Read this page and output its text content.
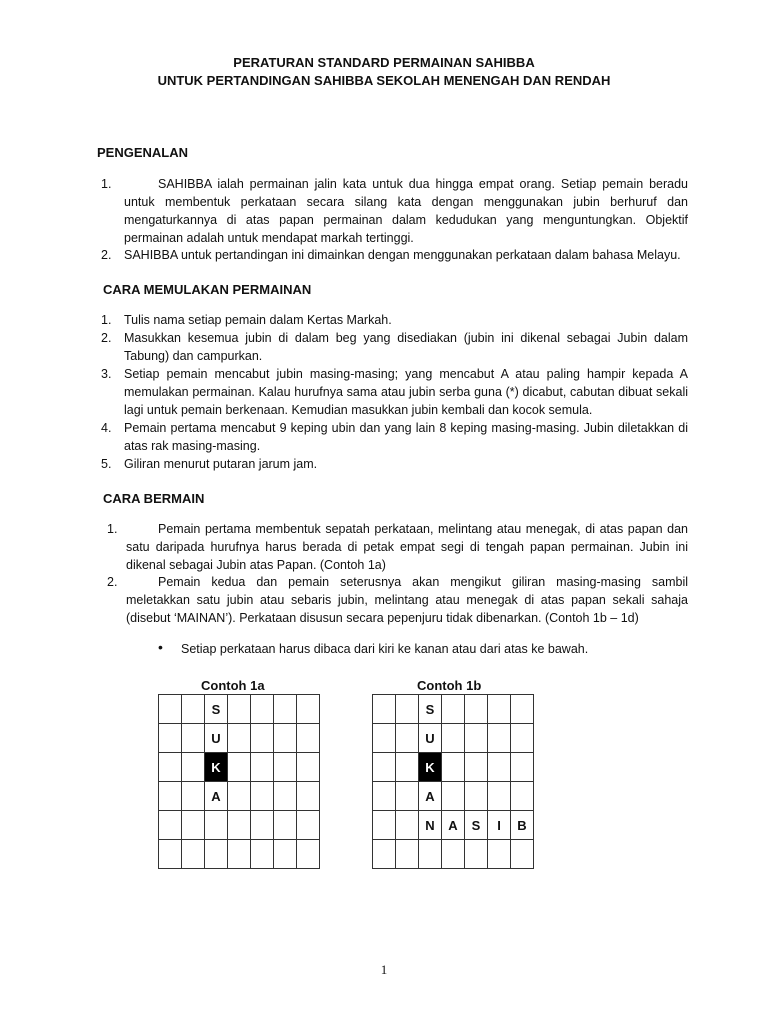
PERATURAN STANDARD PERMAINAN SAHIBBA
UNTUK PERTANDINGAN SAHIBBA SEKOLAH MENENGAH DAN RENDAH
PENGENALAN
1.	SAHIBBA ialah permainan jalin kata untuk dua hingga empat orang. Setiap pemain beradu untuk membentuk perkataan secara silang kata dengan menggunakan jubin berhuruf dan mengaturkannya di atas papan permainan dalam kedudukan yang menguntungkan. Objektif permainan adalah untuk mendapat markah tertinggi.
2. SAHIBBA untuk pertandingan ini dimainkan dengan menggunakan perkataan dalam bahasa Melayu.
CARA MEMULAKAN PERMAINAN
1. Tulis nama setiap pemain dalam Kertas Markah.
2. Masukkan kesemua jubin di dalam beg yang disediakan (jubin ini dikenal sebagai Jubin dalam Tabung) dan campurkan.
3. Setiap pemain mencabut jubin masing-masing; yang mencabut A atau paling hampir kepada A memulakan permainan. Kalau hurufnya sama atau jubin serba guna (*) dicabut, cabutan dibuat sekali lagi untuk pemain berkenaan. Kemudian masukkan jubin kembali dan kocok semula.
4. Pemain pertama mencabut 9 keping ubin dan yang lain 8 keping masing-masing. Jubin diletakkan di atas rak masing-masing.
5. Giliran menurut putaran jarum jam.
CARA BERMAIN
1.	Pemain pertama membentuk sepatah perkataan, melintang atau menegak, di atas papan dan satu daripada hurufnya harus berada di petak empat segi di tengah papan permainan. Jubin ini dikenal sebagai Jubin atas Papan. (Contoh 1a)
2.	Pemain kedua dan pemain seterusnya akan mengikut giliran masing-masing sambil meletakkan satu jubin atau sebaris jubin, melintang atau menegak di atas papan sekali sahaja (disebut ‘MAINAN’). Perkataan disusun secara pepenjuru tidak dibenarkan. (Contoh 1b – 1d)
• Setiap perkataan harus dibaca dari kiri ke kanan atau dari atas ke bawah.
Contoh 1a
		S				
		U				
		K				
		A				

Contoh 1b
		S				
		U				
		K				
		A				
		N	A	S	I	B

1
